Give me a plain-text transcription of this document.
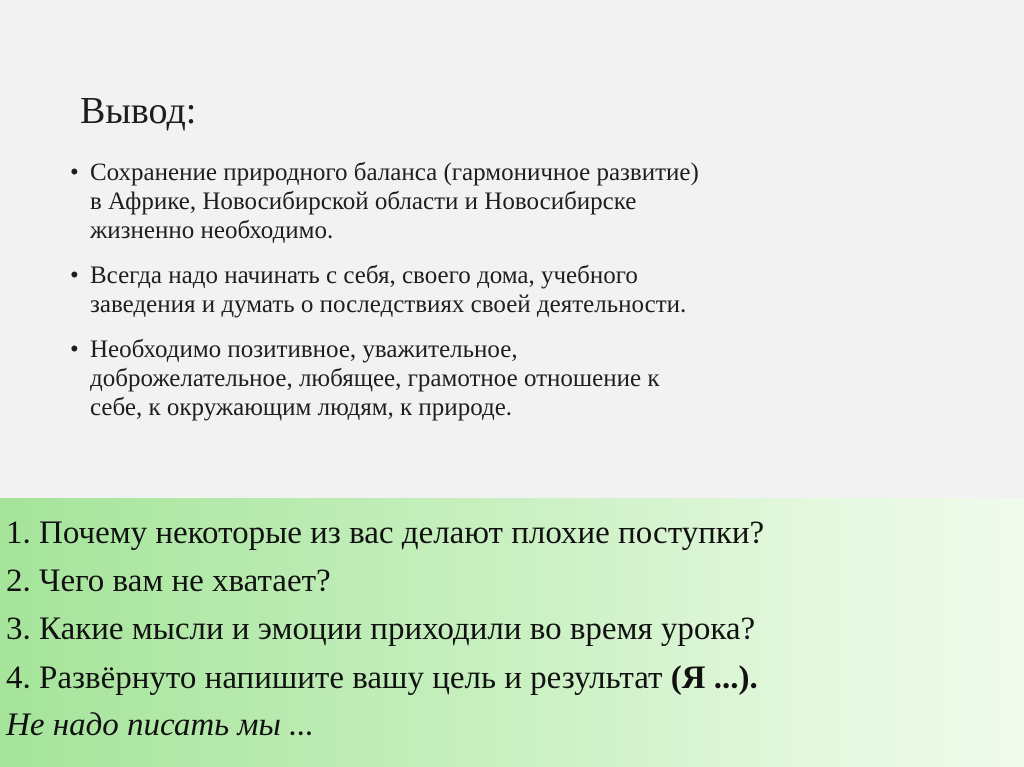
Вывод:
• Сохранение природного баланса (гармоничное развитие)
в Африке, Новосибирской области и Новосибирске
жизненно необходимо.
• Всегда надо начинать с себя, своего дома, учебного
заведения и думать о последствиях своей деятельности.
• Необходимо позитивное, уважительное,
доброжелательное, любящее, грамотное отношение к
себе, к окружающим людям, к природе.
1. Почему некоторые из вас делают плохие поступки?
2. Чего вам не хватает?
3. Какие мысли и эмоции приходили во время урока?
4. Развёрнуто напишите вашу цель и результат (Я ...).
Не надо писать мы ...
